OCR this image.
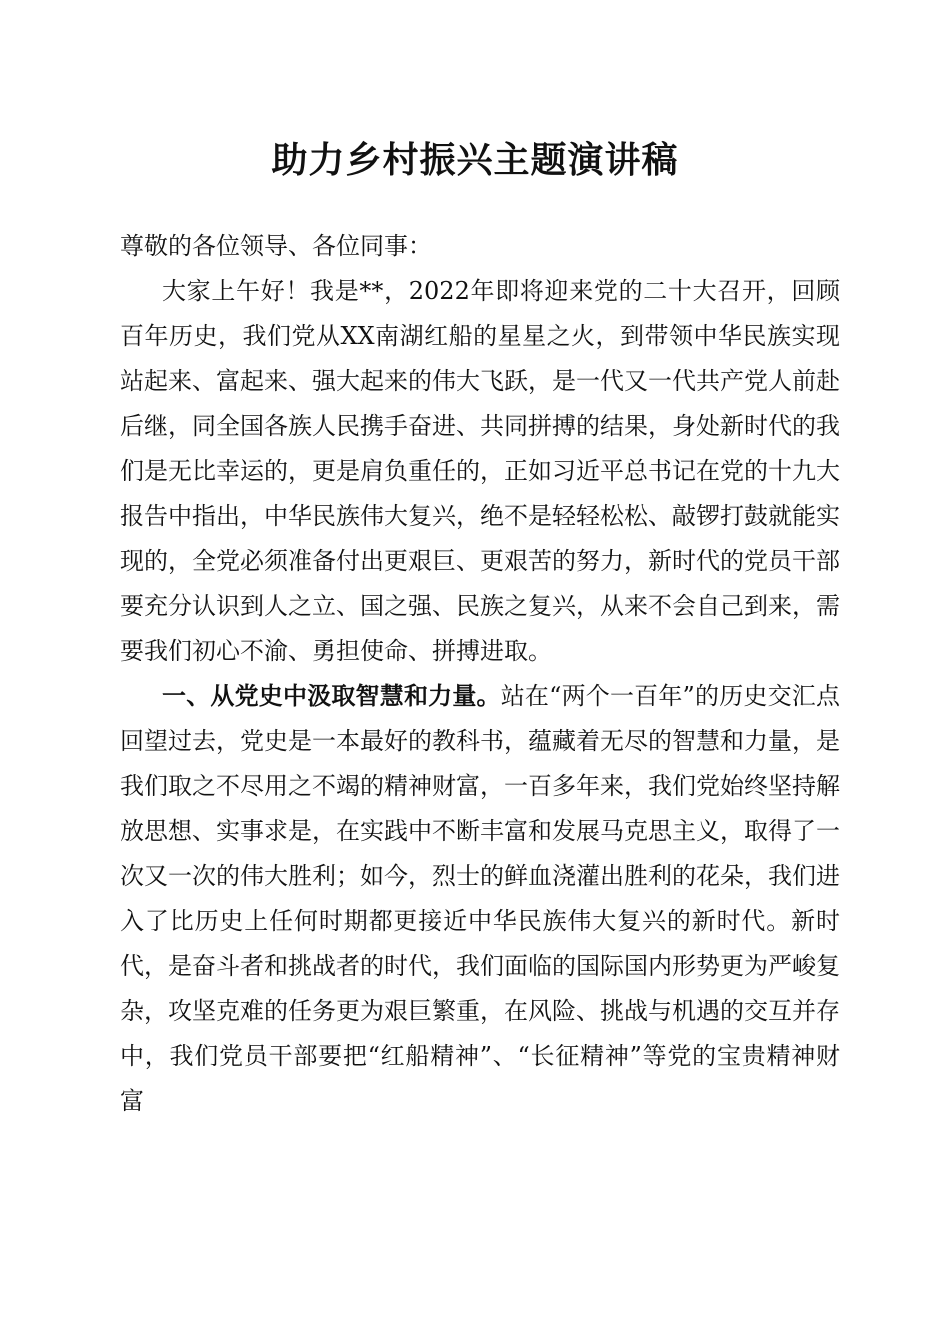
助力乡村振兴主题演讲稿

尊敬的各位领导、各位同事：

大家上午好！我是**，2022年即将迎来党的二十大召开，回顾百年历史，我们党从XX南湖红船的星星之火，到带领中华民族实现站起来、富起来、强大起来的伟大飞跃，是一代又一代共产党人前赴后继，同全国各族人民携手奋进、共同拼搏的结果，身处新时代的我们是无比幸运的，更是肩负重任的，正如习近平总书记在党的十九大报告中指出，中华民族伟大复兴，绝不是轻轻松松、敲锣打鼓就能实现的，全党必须准备付出更艰巨、更艰苦的努力，新时代的党员干部要充分认识到人之立、国之强、民族之复兴，从来不会自己到来，需要我们初心不渝、勇担使命、拼搏进取。

一、从党史中汲取智慧和力量。站在“两个一百年”的历史交汇点回望过去，党史是一本最好的教科书，蕴藏着无尽的智慧和力量，是我们取之不尽用之不竭的精神财富，一百多年来，我们党始终坚持解放思想、实事求是，在实践中不断丰富和发展马克思主义，取得了一次又一次的伟大胜利；如今，烈士的鲜血浇灌出胜利的花朵，我们进入了比历史上任何时期都更接近中华民族伟大复兴的新时代。新时代，是奋斗者和挑战者的时代，我们面临的国际国内形势更为严峻复杂，攻坚克难的任务更为艰巨繁重，在风险、挑战与机遇的交互并存中，我们党员干部要把“红船精神”、“长征精神”等党的宝贵精神财富
